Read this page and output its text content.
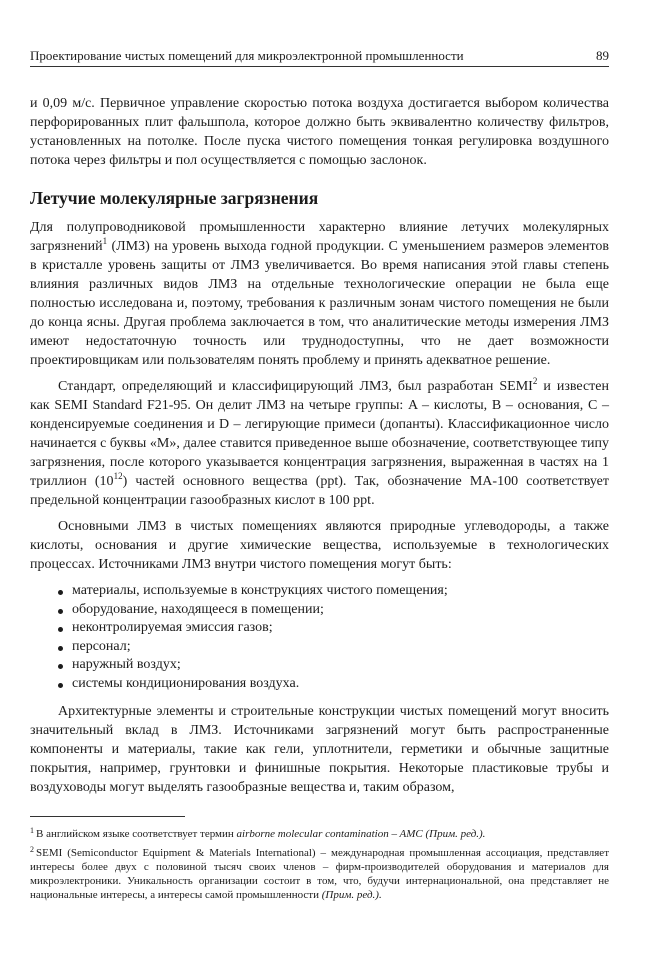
Проектирование чистых помещений для микроэлектронной промышленности	89

и 0,09 м/с. Первичное управление скоростью потока воздуха достигается выбором количества перфорированных плит фальшпола, которое должно быть эквивалентно количеству фильтров, установленных на потолке. После пуска чистого помещения тонкая регулировка воздушного потока через фильтры и пол осуществляется с помощью заслонок.

Летучие молекулярные загрязнения

Для полупроводниковой промышленности характерно влияние летучих молекулярных загрязнений$^1$ (ЛМЗ) на уровень выхода годной продукции. С уменьшением размеров элементов в кристалле уровень защиты от ЛМЗ увеличивается. Во время написания этой главы степень влияния различных видов ЛМЗ на отдельные технологические операции не была еще полностью исследована и, поэтому, требования к различным зонам чистого помещения не были до конца ясны. Другая проблема заключается в том, что аналитические методы измерения ЛМЗ имеют недостаточную точность или труднодоступны, что не дает возможности проектировщикам или пользователям понять проблему и принять адекватное решение.

Стандарт, определяющий и классифицирующий ЛМЗ, был разработан SEMI$^2$ и известен как SEMI Standard F21-95. Он делит ЛМЗ на четыре группы: A – кислоты, B – основания, C – конденсируемые соединения и D – легирующие примеси (допанты). Классификационное число начинается с буквы «М», далее ставится приведенное выше обозначение, соответствующее типу загрязнения, после которого указывается концентрация загрязнения, выраженная в частях на 1 триллион $(10^{12})$ частей основного вещества (ppt). Так, обозначение MA-100 соответствует предельной концентрации газообразных кислот в 100 ppt.

Основными ЛМЗ в чистых помещениях являются природные углеводороды, а также кислоты, основания и другие химические вещества, используемые в технологических процессах. Источниками ЛМЗ внутри чистого помещения могут быть:

материалы, используемые в конструкциях чистого помещения;
оборудование, находящееся в помещении;
неконтролируемая эмиссия газов;
персонал;
наружный воздух;
системы кондиционирования воздуха.

Архитектурные элементы и строительные конструкции чистых помещений могут вносить значительный вклад в ЛМЗ. Источниками загрязнений могут быть распространенные компоненты и материалы, такие как гели, уплотнители, герметики и обычные защитные покрытия, например, грунтовки и финишные покрытия. Некоторые пластиковые трубы и воздуховоды могут выделять газообразные вещества и, таким образом,

$^1$ В английском языке соответствует термин airborne molecular contamination – AMC (Прим. ред.).

$^2$ SEMI (Semiconductor Equipment & Materials International) – международная промышленная ассоциация, представляет интересы более двух с половиной тысяч своих членов – фирм-производителей оборудования и материалов для микроэлектроники. Уникальность организации состоит в том, что, будучи интернациональной, она представляет не национальные интересы, а интересы самой промышленности (Прим. ред.).
